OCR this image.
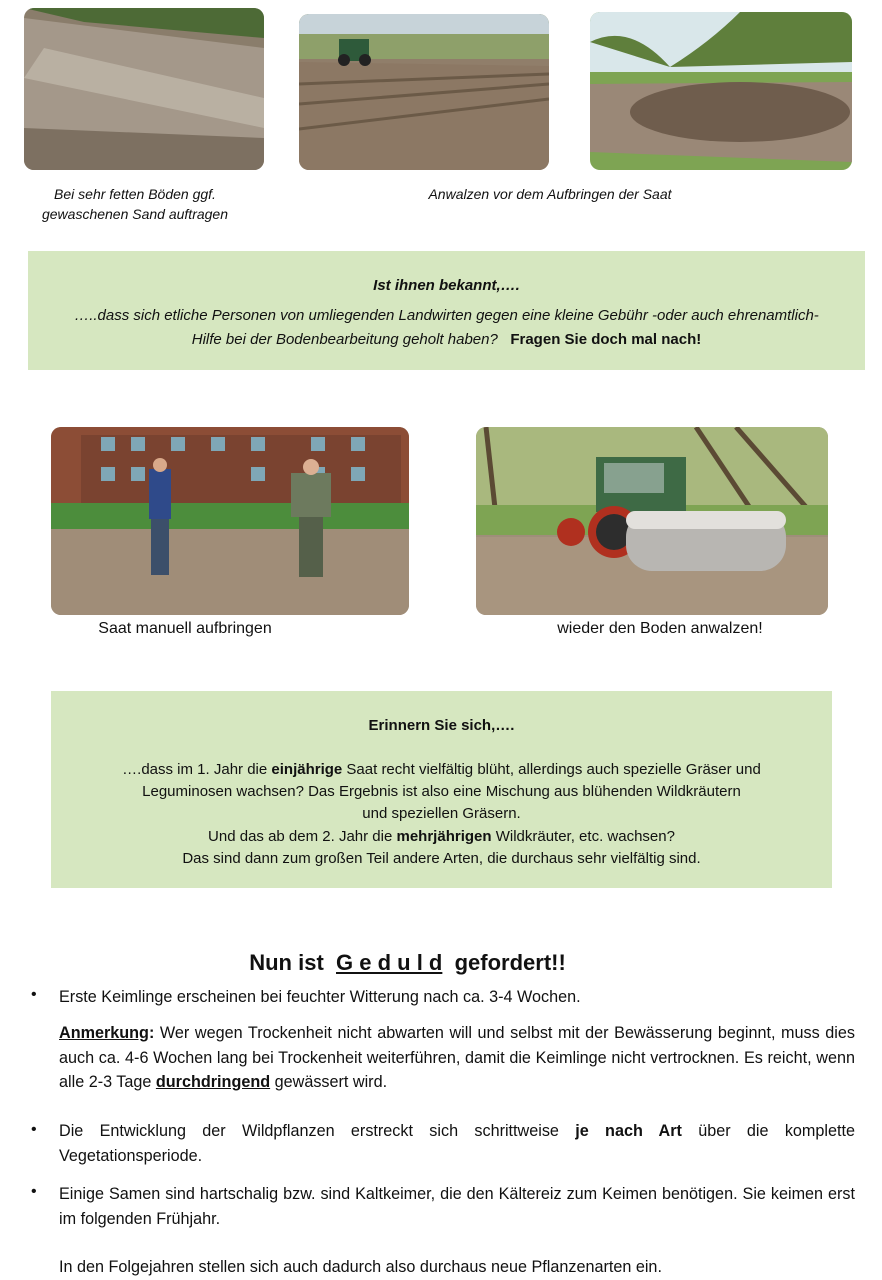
Bei sehr fetten Böden ggf.
gewaschenen Sand auftragen
Anwalzen vor dem Aufbringen der Saat

Ist ihnen bekannt,….

…..dass sich etliche Personen von umliegenden Landwirten gegen eine kleine Gebühr -oder auch ehrenamtlich-

Hilfe bei der Bodenbearbeitung geholt haben? Fragen Sie doch mal nach!

Saat manuell aufbringen	wieder den Boden anwalzen!

Erinnern Sie sich,….

….dass im 1. Jahr die einjährige Saat recht vielfältig blüht, allerdings auch spezielle Gräser und

Leguminosen wachsen? Das Ergebnis ist also eine Mischung aus blühenden Wildkräutern

und speziellen Gräsern.

Und das ab dem 2. Jahr die mehrjährigen Wildkräuter, etc. wachsen?

Das sind dann zum großen Teil andere Arten, die durchaus sehr vielfältig sind.

Nun ist  G e d u l d  gefordert!!

• Erste Keimlinge erscheinen bei feuchter Witterung nach ca. 3-4 Wochen.
Anmerkung: Wer wegen Trockenheit nicht abwarten will und selbst mit der Bewässerung beginnt, muss dies auch ca. 4-6 Wochen lang bei Trockenheit weiterführen, damit die Keimlinge nicht vertrocknen. Es reicht, wenn alle 2-3 Tage durchdringend gewässert wird.
• Die Entwicklung der Wildpflanzen erstreckt sich schrittweise je nach Art über die komplette Vegetationsperiode.
• Einige Samen sind hartschalig bzw. sind Kaltkeimer, die den Kältereiz zum Keimen benötigen. Sie keimen erst im folgenden Frühjahr.
In den Folgejahren stellen sich auch dadurch also durchaus neue Pflanzenarten ein.
